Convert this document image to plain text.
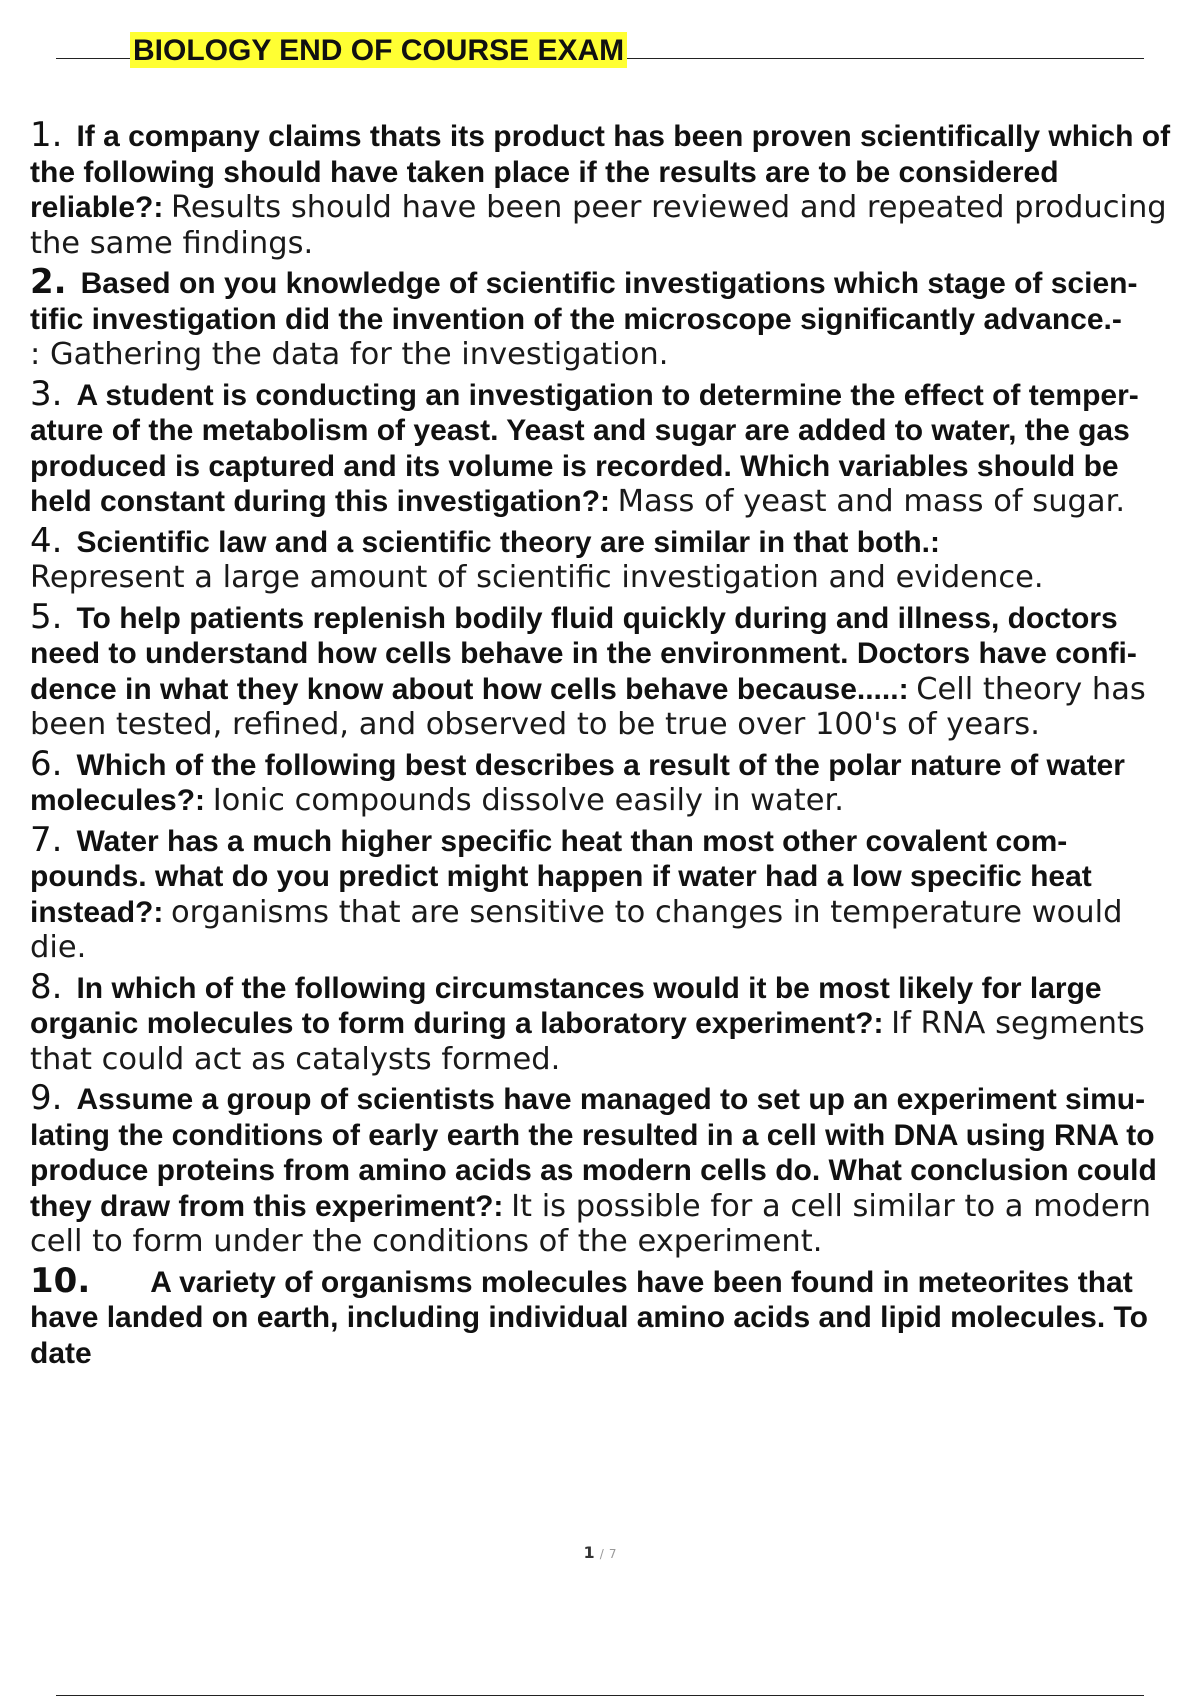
BIOLOGY END OF COURSE EXAM

1. If a company claims thats its product has been proven scientifically which of the following should have taken place if the results are to be considered reliable?: Results should have been peer reviewed and repeated producing the same findings.

2. Based on you knowledge of scientific investigations which stage of scien- tific investigation did the invention of the microscope significantly advance.-
: Gathering the data for the investigation.

3. A student is conducting an investigation to determine the effect of temper- ature of the metabolism of yeast. Yeast and sugar are added to water, the gas produced is captured and its volume is recorded. Which variables should be held constant during this investigation?: Mass of yeast and mass of sugar.

4. Scientific law and a scientific theory are similar in that both.:
Represent a large amount of scientific investigation and evidence.

5. To help patients replenish bodily fluid quickly during and illness, doctors need to understand how cells behave in the environment. Doctors have confi- dence in what they know about how cells behave because.....: Cell theory has been tested, refined, and observed to be true over 100's of years.

6. Which of the following best describes a result of the polar nature of water molecules?: Ionic compounds dissolve easily in water.

7. Water has a much higher specific heat than most other covalent com- pounds. what do you predict might happen if water had a low specific heat instead?: organisms that are sensitive to changes in temperature would die.

8. In which of the following circumstances would it be most likely for large organic molecules to form during a laboratory experiment?: If RNA segments that could act as catalysts formed.

9. Assume a group of scientists have managed to set up an experiment simu- lating the conditions of early earth the resulted in a cell with DNA using RNA to produce proteins from amino acids as modern cells do. What conclusion could they draw from this experiment?: It is possible for a cell similar to a modern cell to form under the conditions of the experiment.

10. A variety of organisms molecules have been found in meteorites that have landed on earth, including individual amino acids and lipid molecules. To date

1 / 7
